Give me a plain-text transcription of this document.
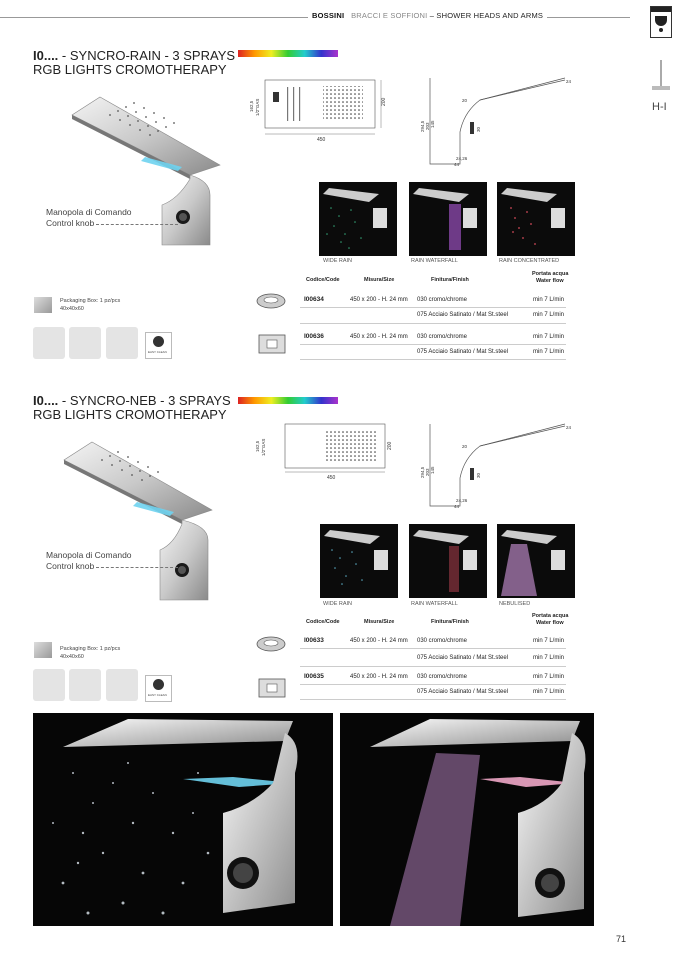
BOSSINI BRACCI E SOFFIONI – SHOWER HEADS AND ARMS
H-I
I0.... - SYNCRO-RAIN - 3 SPRAYS
RGB LIGHTS CROMOTHERAPY
Manopola di Comando
Control knob
450
200
162,5 1/2"GAS
24
20
294,5 203 145
30
24,26
44
WIDE RAIN	RAIN WATERFALL	RAIN CONCENTRATED
Codice/Code	Misura/Size	Finitura/Finish
Portata acqua
Water flow
I00634	450 x 200 - H. 24 mm 030 cromo/chrome	min 7 L/min
075 Acciaio Satinato / Mat St.steel	min 7 L/min
I00636	450 x 200 - H. 24 mm 030 cromo/chrome	min 7 L/min
075 Acciaio Satinato / Mat St.steel	min 7 L/min
Packaging Box: 1 pz/pcs
40x40x60
EASY CLEAN
I0.... - SYNCRO-NEB - 3 SPRAYS
RGB LIGHTS CROMOTHERAPY
Manopola di Comando
Control knob
450
200
162,5 1/2"GAS
24
20
294,5 203 145
30
24,26
44
WIDE RAIN	RAIN WATERFALL	NEBULISED
Codice/Code	Misura/Size	Finitura/Finish
Portata acqua
Water flow
I00633	450 x 200 - H. 24 mm 030 cromo/chrome	min 7 L/min
075 Acciaio Satinato / Mat St.steel	min 7 L/min
I00635	450 x 200 - H. 24 mm 030 cromo/chrome	min 7 L/min
075 Acciaio Satinato / Mat St.steel	min 7 L/min
Packaging Box: 1 pz/pcs
40x40x60
EASY CLEAN
71
